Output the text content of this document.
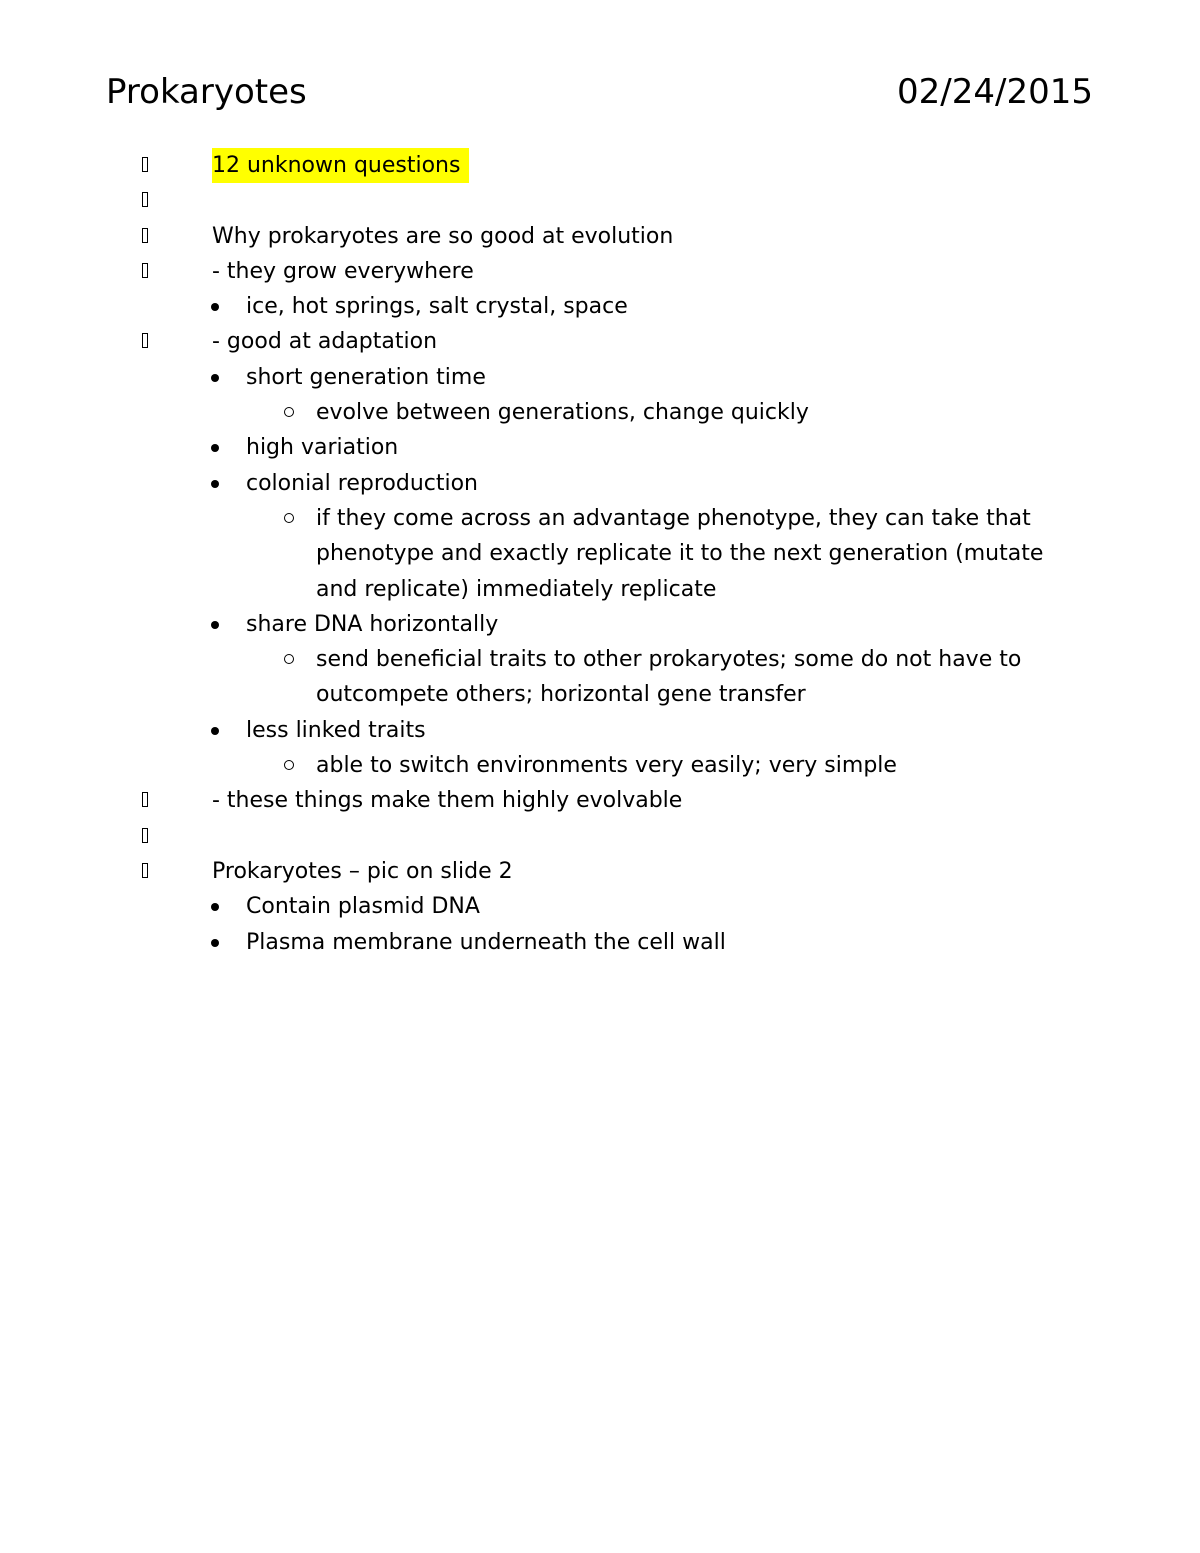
Prokaryotes	02/24/2015
12 unknown questions
Why prokaryotes are so good at evolution
- they grow everywhere
ice, hot springs, salt crystal, space
- good at adaptation
short generation time
evolve between generations, change quickly
high variation
colonial reproduction
if they come across an advantage phenotype, they can take that phenotype and exactly replicate it to the next generation (mutate and replicate) immediately replicate
share DNA horizontally
send beneficial traits to other prokaryotes; some do not have to outcompete others; horizontal gene transfer
less linked traits
able to switch environments very easily; very simple
- these things make them highly evolvable
Prokaryotes – pic on slide 2
Contain plasmid DNA
Plasma membrane underneath the cell wall
